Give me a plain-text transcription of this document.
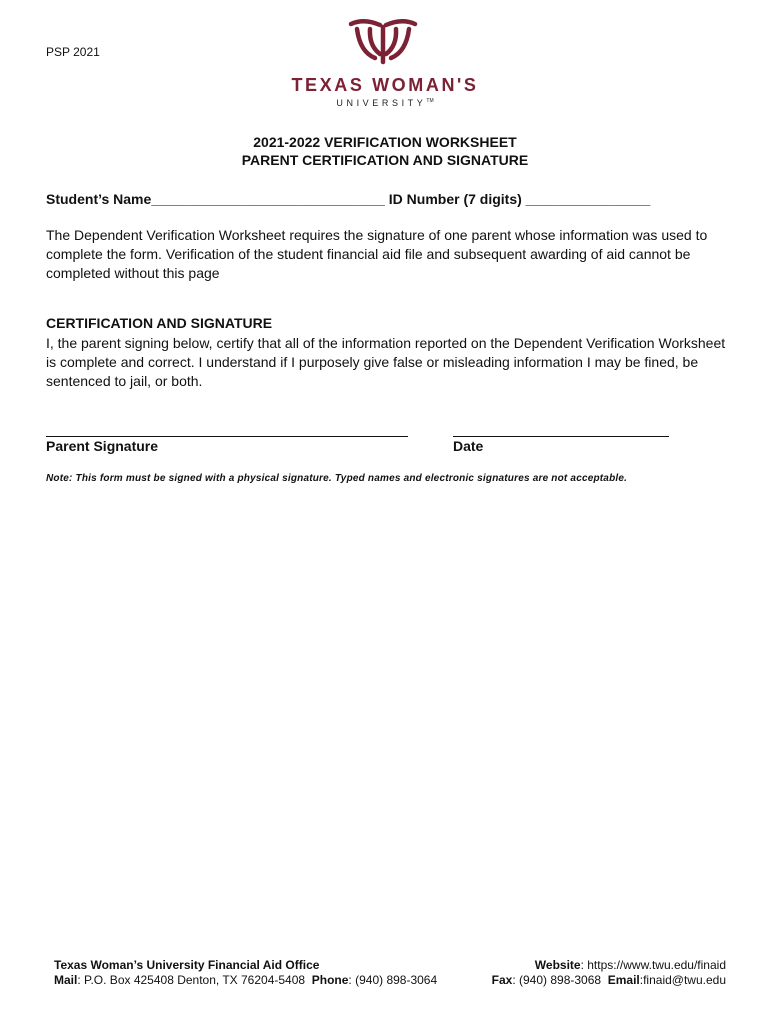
PSP 2021
TEXAS WOMAN'S
UNIVERSITY™
2021-2022 VERIFICATION WORKSHEET
PARENT CERTIFICATION AND SIGNATURE
Student’s Name______________________________ ID Number (7 digits) ________________
The Dependent Verification Worksheet requires the signature of one parent whose information was used to complete the form. Verification of the student financial aid file and subsequent awarding of aid cannot be completed without this page
CERTIFICATION AND SIGNATURE
I, the parent signing below, certify that all of the information reported on the Dependent Verification Worksheet is complete and correct. I understand if I purposely give false or misleading information I may be fined, be sentenced to jail, or both.
Parent Signature	Date
Note: This form must be signed with a physical signature. Typed names and electronic signatures are not acceptable.
Texas Woman’s University Financial Aid Office	Website: https://www.twu.edu/finaid
Mail: P.O. Box 425408 Denton, TX 76204-5408 Phone: (940) 898-3064	Fax: (940) 898-3068 Email:finaid@twu.edu
